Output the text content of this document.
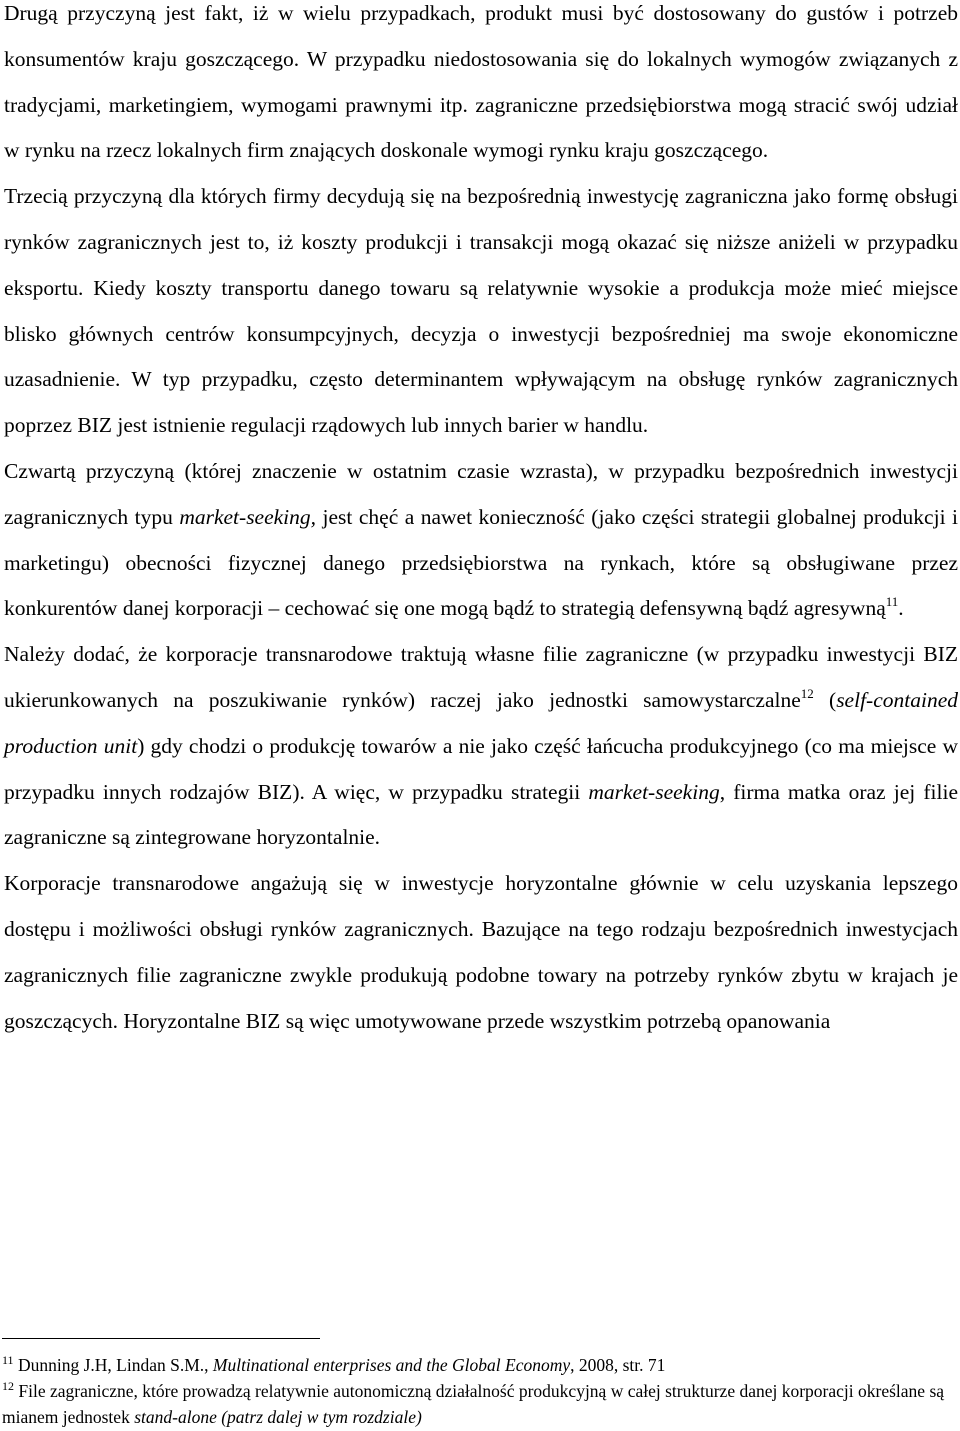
Drugą przyczyną jest fakt, iż w wielu przypadkach, produkt musi być dostosowany do gustów i potrzeb konsumentów kraju goszczącego. W przypadku niedostosowania się do lokalnych wymogów związanych z tradycjami, marketingiem, wymogami prawnymi itp. zagraniczne przedsiębiorstwa mogą stracić swój udział w rynku na rzecz lokalnych firm znających doskonale wymogi rynku kraju goszczącego.

Trzecią przyczyną dla których firmy decydują się na bezpośrednią inwestycję zagraniczna jako formę obsługi rynków zagranicznych jest to, iż koszty produkcji i transakcji mogą okazać się niższe aniżeli w przypadku eksportu. Kiedy koszty transportu danego towaru są relatywnie wysokie a produkcja może mieć miejsce blisko głównych centrów konsumpcyjnych, decyzja o inwestycji bezpośredniej ma swoje ekonomiczne uzasadnienie. W typ przypadku, często determinantem wpływającym na obsługę rynków zagranicznych poprzez BIZ jest istnienie regulacji rządowych lub innych barier w handlu.

Czwartą przyczyną (której znaczenie w ostatnim czasie wzrasta), w przypadku bezpośrednich inwestycji zagranicznych typu market-seeking, jest chęć a nawet konieczność (jako części strategii globalnej produkcji i marketingu) obecności fizycznej danego przedsiębiorstwa na rynkach, które są obsługiwane przez konkurentów danej korporacji – cechować się one mogą bądź to strategią defensywną bądź agresywną$^{11}$.

Należy dodać, że korporacje transnarodowe traktują własne filie zagraniczne (w przypadku inwestycji BIZ ukierunkowanych na poszukiwanie rynków) raczej jako jednostki samowystarczalne$^{12}$ (self-contained production unit) gdy chodzi o produkcję towarów a nie jako część łańcucha produkcyjnego (co ma miejsce w przypadku innych rodzajów BIZ). A więc, w przypadku strategii market-seeking, firma matka oraz jej filie zagraniczne są zintegrowane horyzontalnie.

Korporacje transnarodowe angażują się w inwestycje horyzontalne głównie w celu uzyskania lepszego dostępu i możliwości obsługi rynków zagranicznych. Bazujące na tego rodzaju bezpośrednich inwestycjach zagranicznych filie zagraniczne zwykle produkują podobne towary na potrzeby rynków zbytu w krajach je goszczących. Horyzontalne BIZ są więc umotywowane przede wszystkim potrzebą opanowania

$^{11}$ Dunning J.H, Lindan S.M., Multinational enterprises and the Global Economy, 2008, str. 71

$^{12}$ File zagraniczne, które prowadzą relatywnie autonomiczną działalność produkcyjną w całej strukturze danej korporacji określane są mianem jednostek stand-alone (patrz dalej w tym rozdziale)
